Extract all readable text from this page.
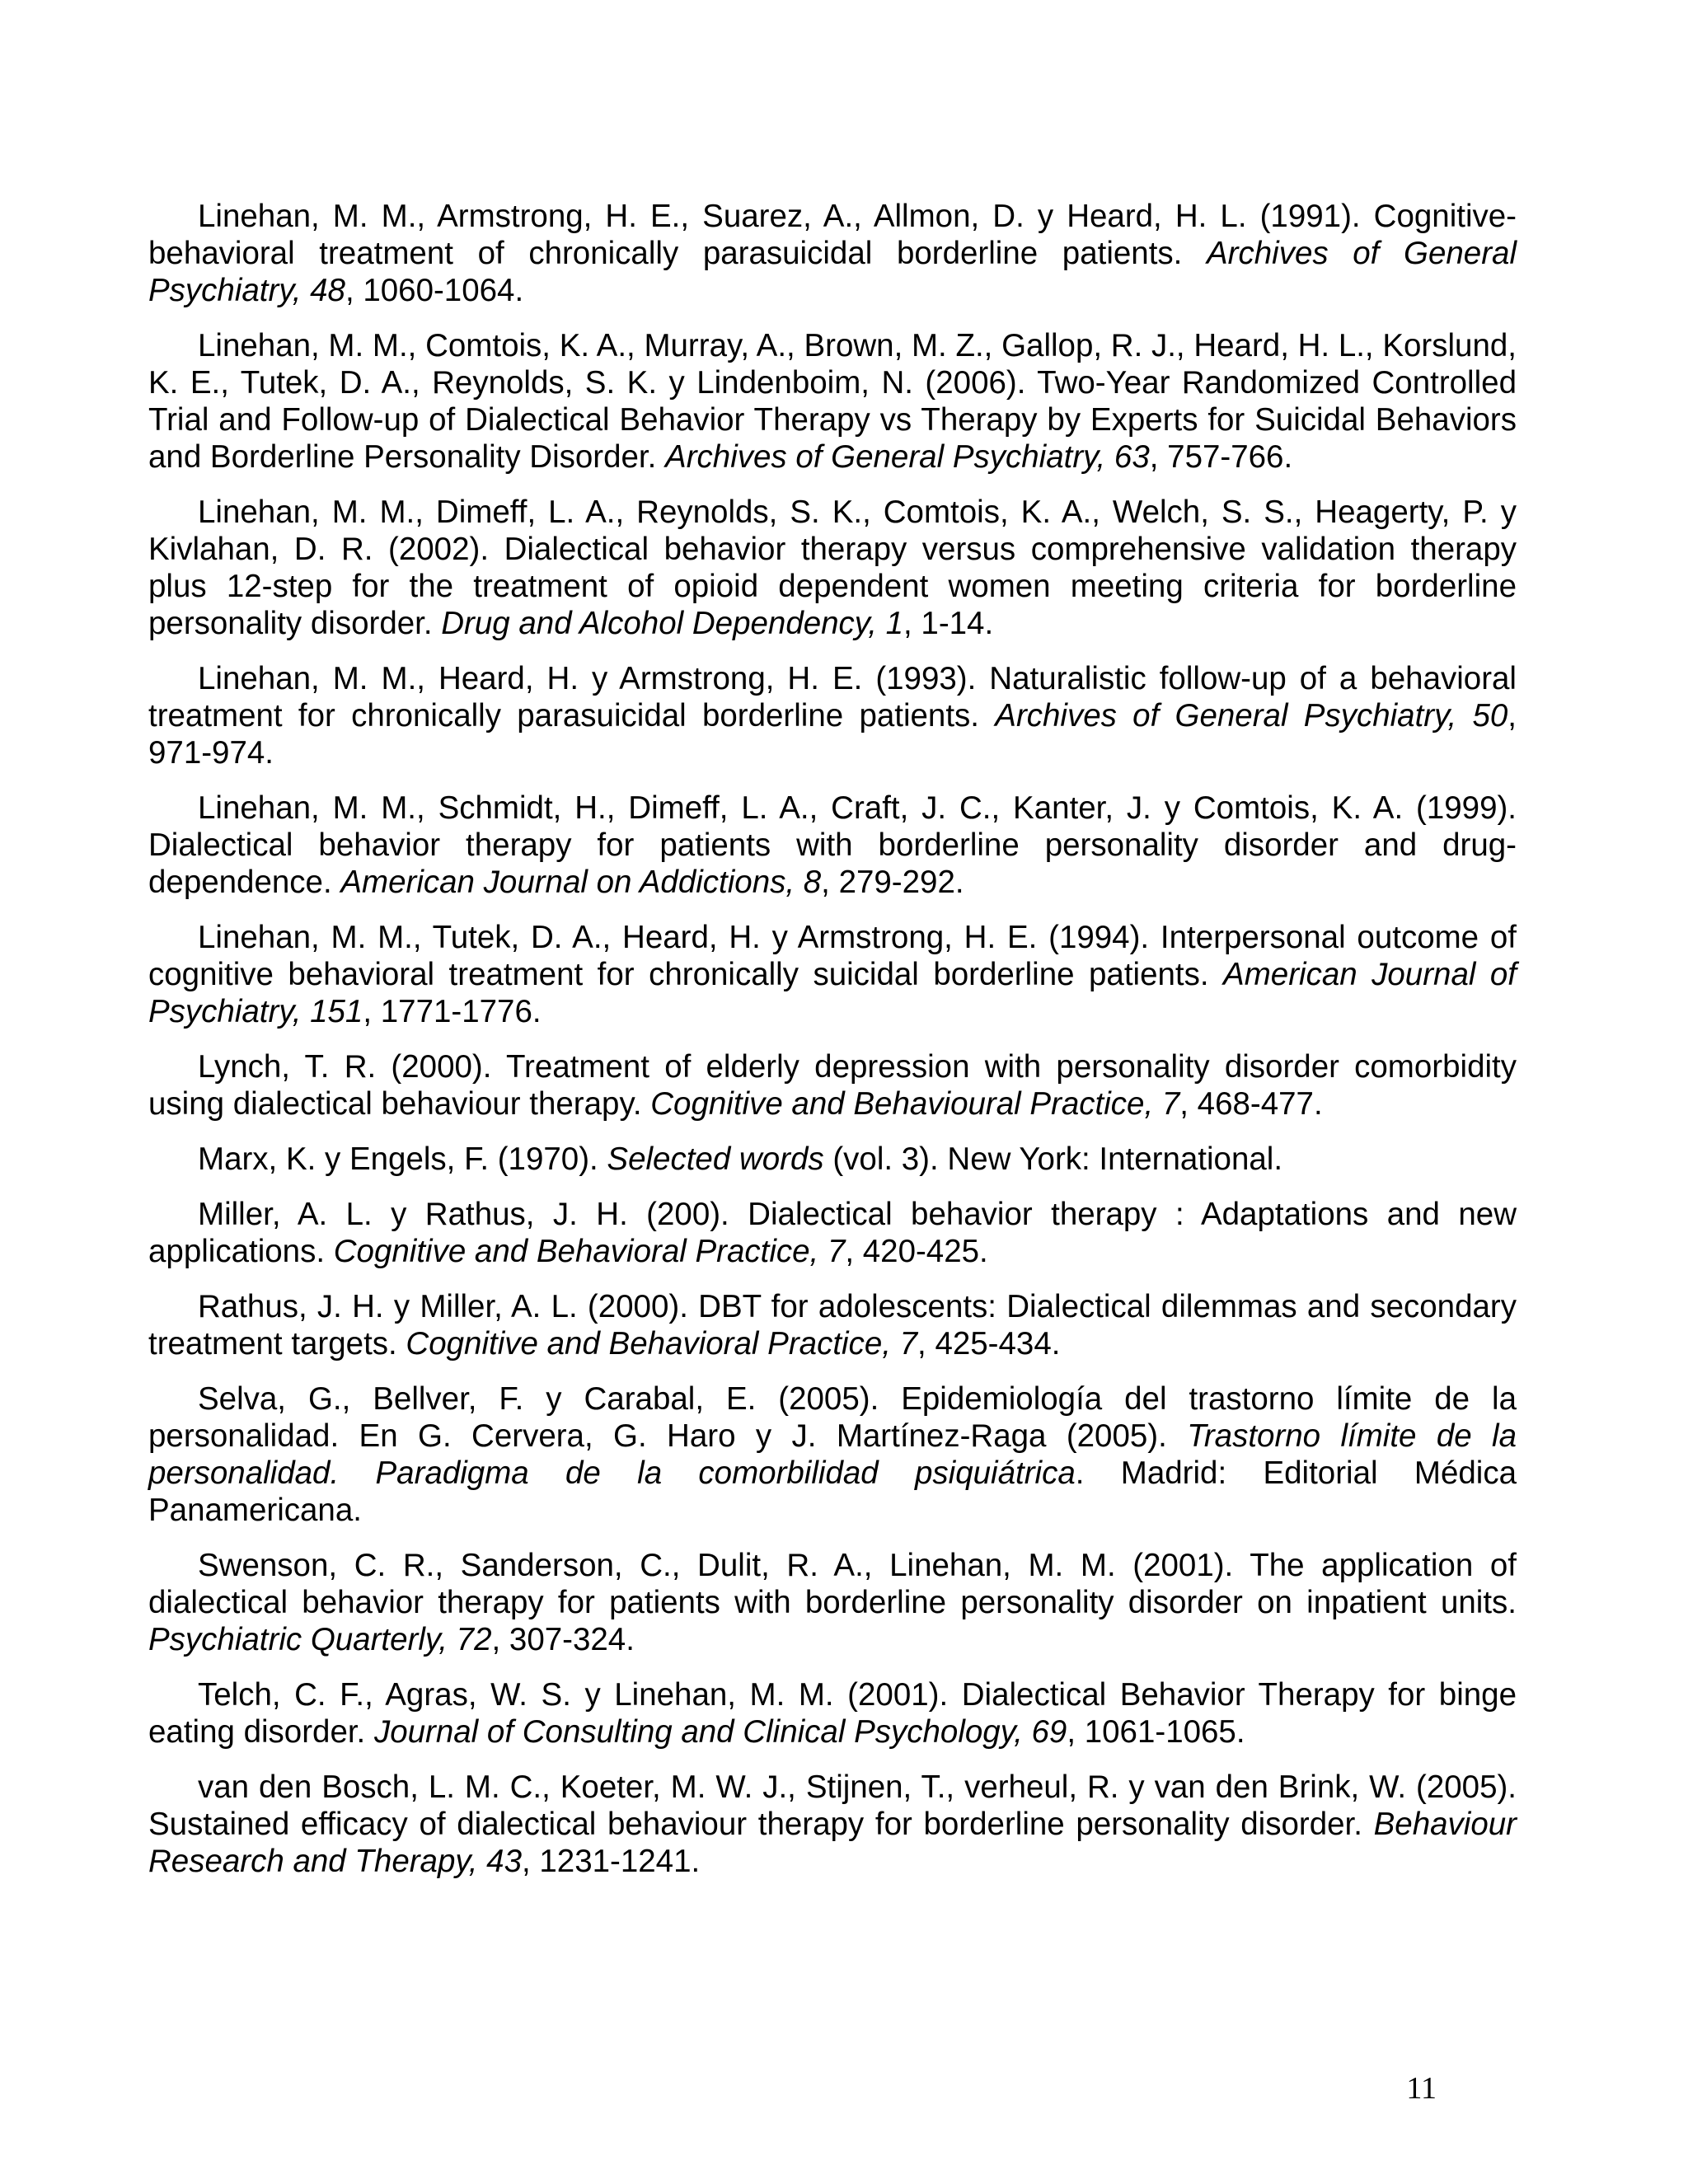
Linehan, M. M., Armstrong, H. E., Suarez, A., Allmon, D. y Heard, H. L. (1991). Cognitive-behavioral treatment of chronically parasuicidal borderline patients. Archives of General Psychiatry, 48, 1060-1064.

Linehan, M. M., Comtois, K. A., Murray, A., Brown, M. Z., Gallop, R. J., Heard, H. L., Korslund, K. E., Tutek, D. A., Reynolds, S. K. y Lindenboim, N. (2006). Two-Year Randomized Controlled Trial and Follow-up of Dialectical Behavior Therapy vs Therapy by Experts for Suicidal Behaviors and Borderline Personality Disorder. Archives of General Psychiatry, 63, 757-766.

Linehan, M. M., Dimeff, L. A., Reynolds, S. K., Comtois, K. A., Welch, S. S., Heagerty, P. y Kivlahan, D. R. (2002). Dialectical behavior therapy versus comprehensive validation therapy plus 12-step for the treatment of opioid dependent women meeting criteria for borderline personality disorder. Drug and Alcohol Dependency, 1, 1-14.

Linehan, M. M., Heard, H. y Armstrong, H. E. (1993). Naturalistic follow-up of a behavioral treatment for chronically parasuicidal borderline patients. Archives of General Psychiatry, 50, 971-974.

Linehan, M. M., Schmidt, H., Dimeff, L. A., Craft, J. C., Kanter, J. y Comtois, K. A. (1999). Dialectical behavior therapy for patients with borderline personality disorder and drug-dependence. American Journal on Addictions, 8, 279-292.

Linehan, M. M., Tutek, D. A., Heard, H. y Armstrong, H. E. (1994). Interpersonal outcome of cognitive behavioral treatment for chronically suicidal borderline patients. American Journal of Psychiatry, 151, 1771-1776.

Lynch, T. R. (2000). Treatment of elderly depression with personality disorder comorbidity using dialectical behaviour therapy. Cognitive and Behavioural Practice, 7, 468-477.

Marx, K. y Engels, F. (1970). Selected words (vol. 3). New York: International.

Miller, A. L. y Rathus, J. H. (200). Dialectical behavior therapy : Adaptations and new applications. Cognitive and Behavioral Practice, 7, 420-425.

Rathus, J. H. y Miller, A. L. (2000). DBT for adolescents: Dialectical dilemmas and secondary treatment targets. Cognitive and Behavioral Practice, 7, 425-434.

Selva, G., Bellver, F. y Carabal, E. (2005). Epidemiología del trastorno límite de la personalidad. En G. Cervera, G. Haro y J. Martínez-Raga (2005). Trastorno límite de la personalidad. Paradigma de la comorbilidad psiquiátrica. Madrid: Editorial Médica Panamericana.

Swenson, C. R., Sanderson, C., Dulit, R. A., Linehan, M. M. (2001). The application of dialectical behavior therapy for patients with borderline personality disorder on inpatient units. Psychiatric Quarterly, 72, 307-324.

Telch, C. F., Agras, W. S. y Linehan, M. M. (2001). Dialectical Behavior Therapy for binge eating disorder. Journal of Consulting and Clinical Psychology, 69, 1061-1065.

van den Bosch, L. M. C., Koeter, M. W. J., Stijnen, T., verheul, R. y van den Brink, W. (2005). Sustained efficacy of dialectical behaviour therapy for borderline personality disorder. Behaviour Research and Therapy, 43, 1231-1241.

11
